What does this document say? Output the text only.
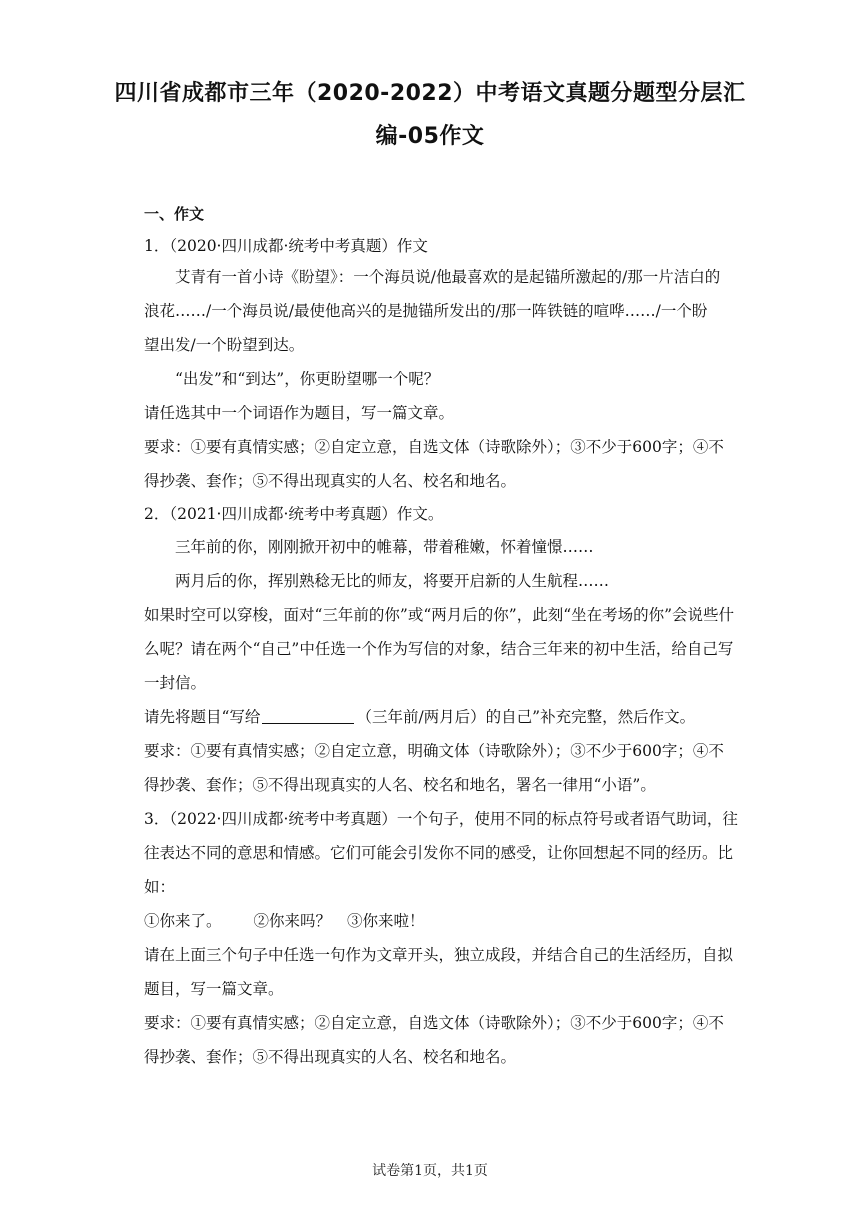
四川省成都市三年（2020-2022）中考语文真题分题型分层汇
编-05作文
一、作文
1．（2020·四川成都·统考中考真题）作文
艾青有一首小诗《盼望》：一个海员说/他最喜欢的是起锚所激起的/那一片洁白的
浪花……/一个海员说/最使他高兴的是抛锚所发出的/那一阵铁链的喧哗……/一个盼
望出发/一个盼望到达。
“出发”和“到达”，你更盼望哪一个呢？
请任选其中一个词语作为题目，写一篇文章。
要求：①要有真情实感；②自定立意，自选文体（诗歌除外）；③不少于600字；④不
得抄袭、套作；⑤不得出现真实的人名、校名和地名。
2．（2021·四川成都·统考中考真题）作文。
三年前的你，刚刚掀开初中的帷幕，带着稚嫩，怀着憧憬……
两月后的你，挥别熟稔无比的师友，将要开启新的人生航程……
如果时空可以穿梭，面对“三年前的你”或“两月后的你”，此刻“坐在考场的你”会说些什
么呢？请在两个“自己”中任选一个作为写信的对象，结合三年来的初中生活，给自己写
一封信。
请先将题目“写给	（三年前/两月后）的自己”补充完整，然后作文。
要求：①要有真情实感；②自定立意，明确文体（诗歌除外）；③不少于600字；④不
得抄袭、套作；⑤不得出现真实的人名、校名和地名，署名一律用“小语”。
3．（2022·四川成都·统考中考真题）一个句子，使用不同的标点符号或者语气助词，往
往表达不同的意思和情感。它们可能会引发你不同的感受，让你回想起不同的经历。比
如：
①你来了。 ②你来吗？ ③你来啦！
请在上面三个句子中任选一句作为文章开头，独立成段，并结合自己的生活经历，自拟
题目，写一篇文章。
要求：①要有真情实感；②自定立意，自选文体（诗歌除外）；③不少于600字；④不
得抄袭、套作；⑤不得出现真实的人名、校名和地名。
试卷第1页，共1页
